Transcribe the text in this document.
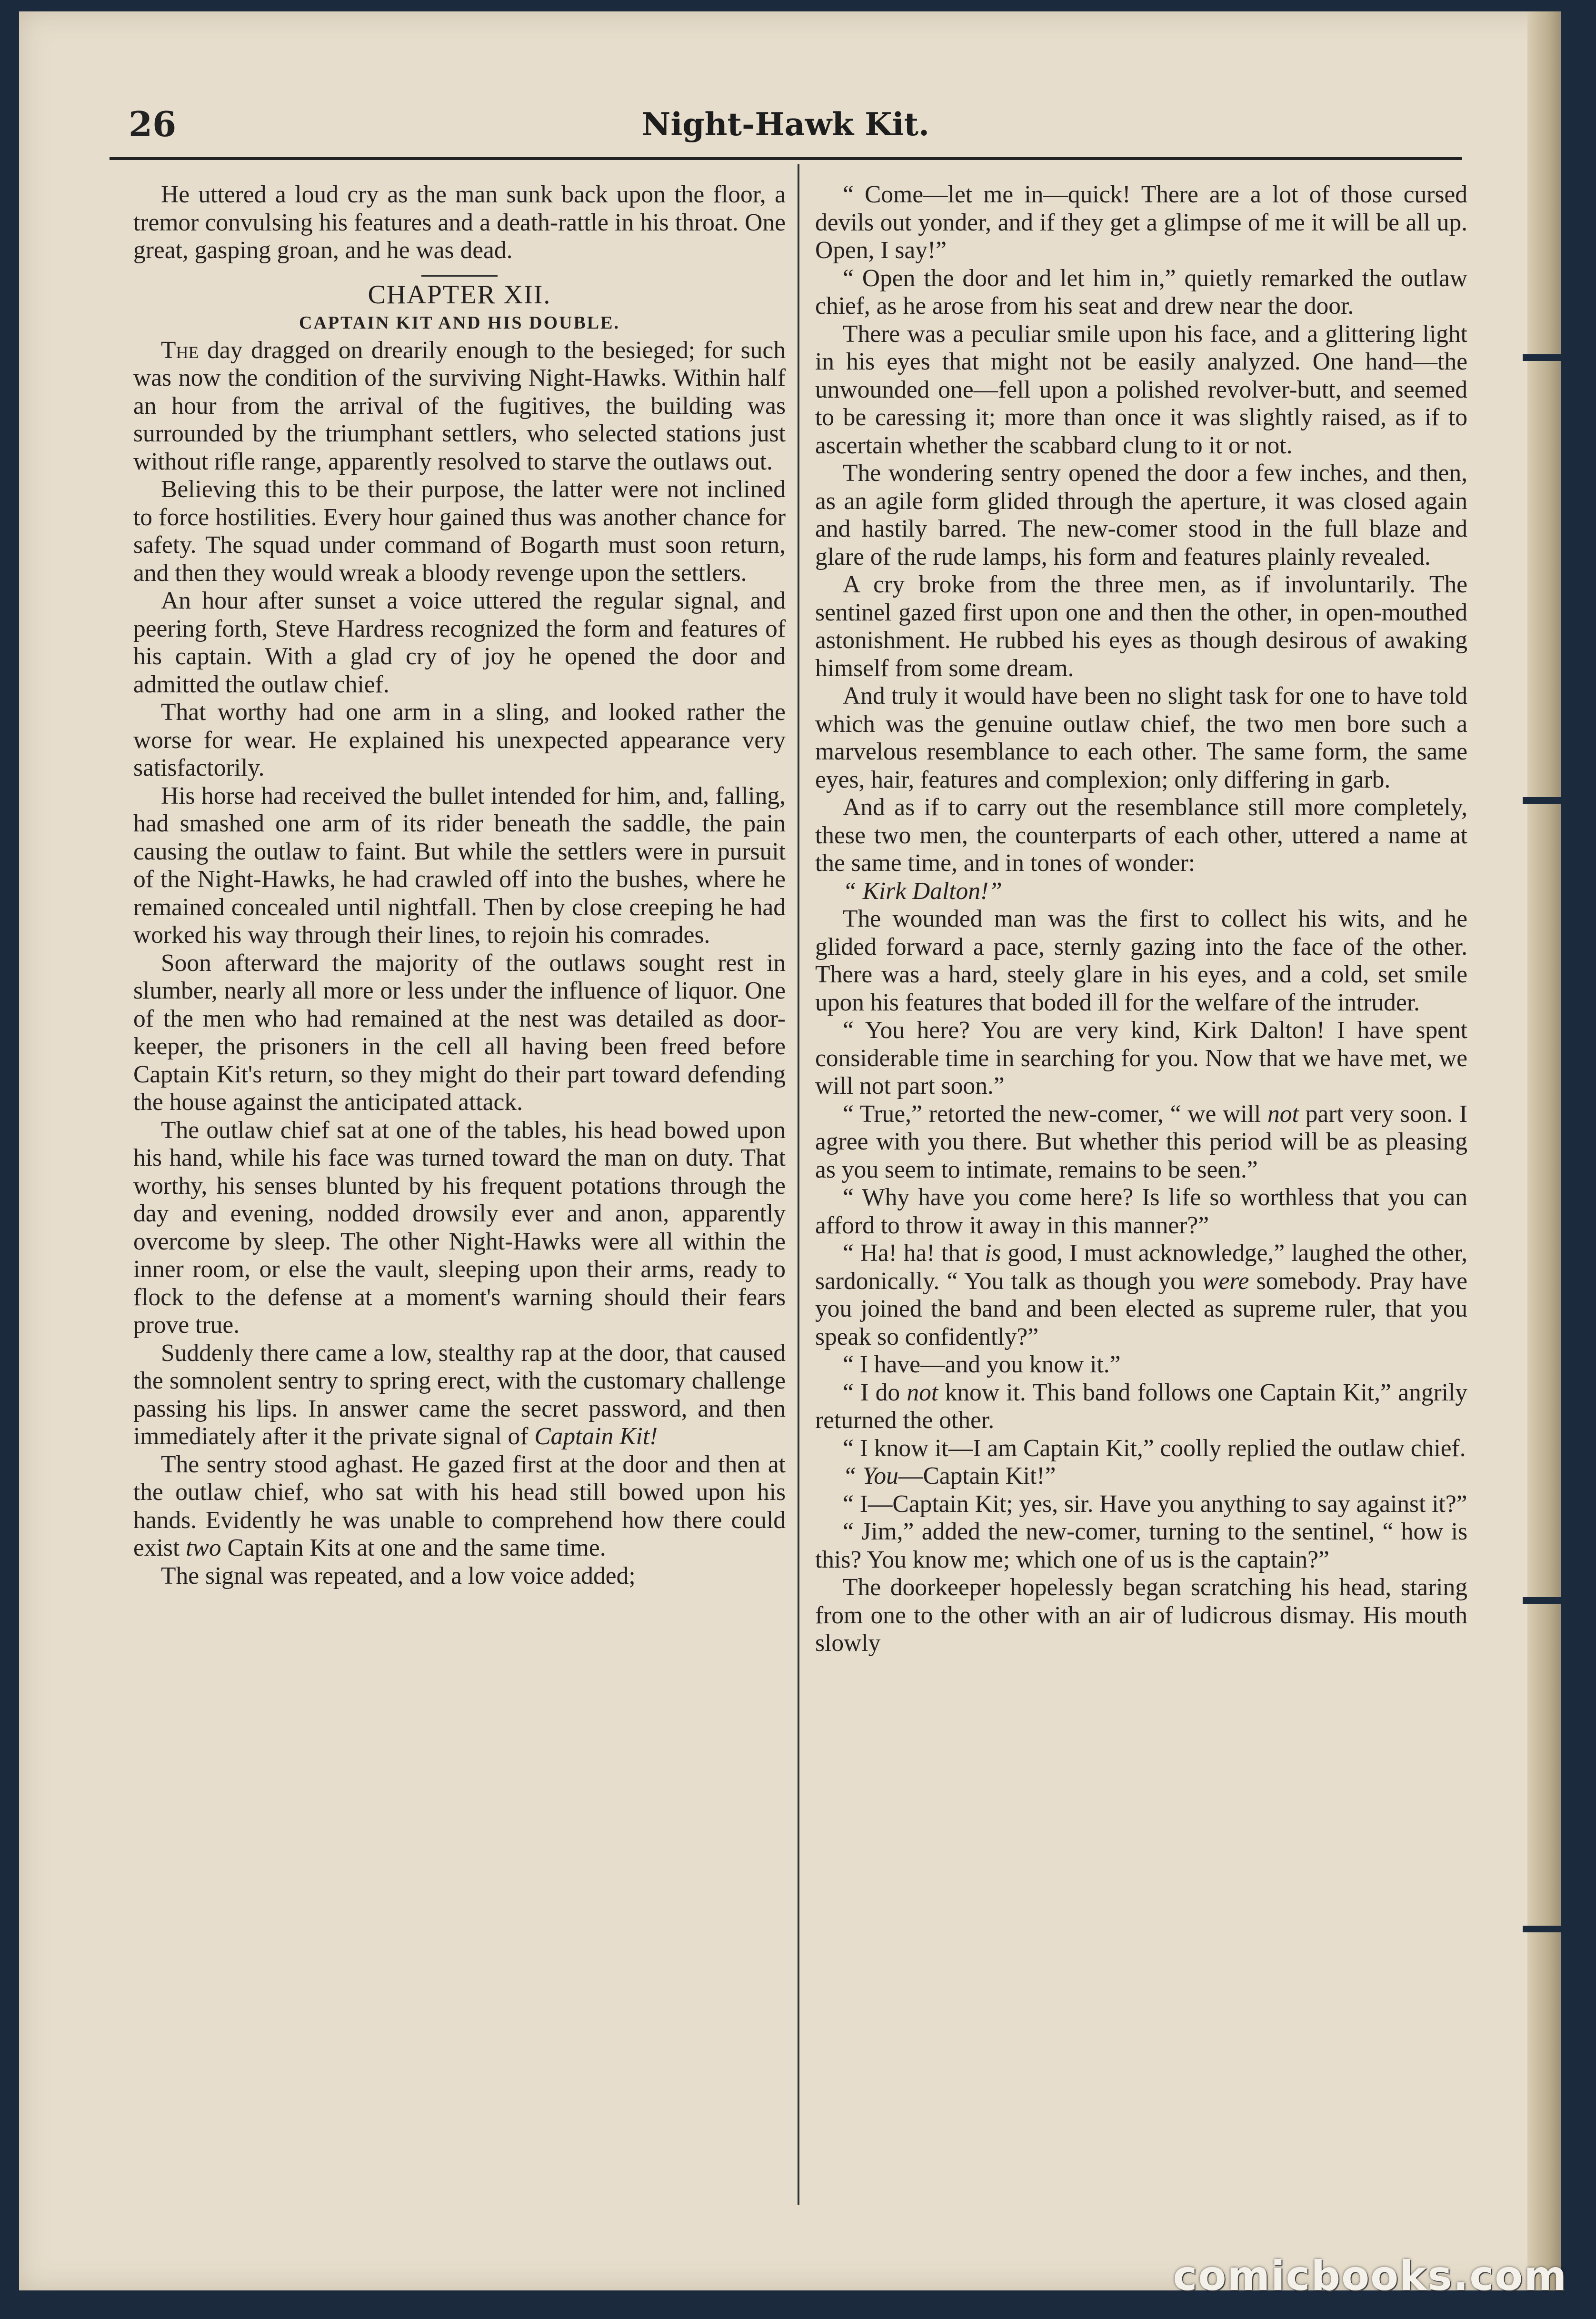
26	Night-Hawk Kit.

He uttered a loud cry as the man sunk back upon the floor, a tremor convulsing his features and a death-rattle in his throat. One great, gasping groan, and he was dead.

CHAPTER XII.

CAPTAIN KIT AND HIS DOUBLE.

The day dragged on drearily enough to the besieged; for such was now the condition of the surviving Night-Hawks. Within half an hour from the arrival of the fugitives, the building was surrounded by the triumphant settlers, who selected stations just without rifle range, apparently resolved to starve the outlaws out.

Believing this to be their purpose, the latter were not inclined to force hostilities. Every hour gained thus was another chance for safety. The squad under command of Bogarth must soon return, and then they would wreak a bloody revenge upon the settlers.

An hour after sunset a voice uttered the regular signal, and peering forth, Steve Hardress recognized the form and features of his captain. With a glad cry of joy he opened the door and admitted the outlaw chief.

That worthy had one arm in a sling, and looked rather the worse for wear. He explained his unexpected appearance very satisfactorily.

His horse had received the bullet intended for him, and, falling, had smashed one arm of its rider beneath the saddle, the pain causing the outlaw to faint. But while the settlers were in pursuit of the Night-Hawks, he had crawled off into the bushes, where he remained concealed until nightfall. Then by close creeping he had worked his way through their lines, to rejoin his comrades.

Soon afterward the majority of the outlaws sought rest in slumber, nearly all more or less under the influence of liquor. One of the men who had remained at the nest was detailed as door-keeper, the prisoners in the cell all having been freed before Captain Kit's return, so they might do their part toward defending the house against the anticipated attack.

The outlaw chief sat at one of the tables, his head bowed upon his hand, while his face was turned toward the man on duty. That worthy, his senses blunted by his frequent potations through the day and evening, nodded drowsily ever and anon, apparently overcome by sleep. The other Night-Hawks were all within the inner room, or else the vault, sleeping upon their arms, ready to flock to the defense at a moment's warning should their fears prove true.

Suddenly there came a low, stealthy rap at the door, that caused the somnolent sentry to spring erect, with the customary challenge passing his lips. In answer came the secret password, and then immediately after it the private signal of Captain Kit!

The sentry stood aghast. He gazed first at the door and then at the outlaw chief, who sat with his head still bowed upon his hands. Evidently he was unable to comprehend how there could exist two Captain Kits at one and the same time.

The signal was repeated, and a low voice added;

“ Come—let me in—quick! There are a lot of those cursed devils out yonder, and if they get a glimpse of me it will be all up. Open, I say!”

“ Open the door and let him in,” quietly remarked the outlaw chief, as he arose from his seat and drew near the door.

There was a peculiar smile upon his face, and a glittering light in his eyes that might not be easily analyzed. One hand—the unwounded one—fell upon a polished revolver-butt, and seemed to be caressing it; more than once it was slightly raised, as if to ascertain whether the scabbard clung to it or not.

The wondering sentry opened the door a few inches, and then, as an agile form glided through the aperture, it was closed again and hastily barred. The new-comer stood in the full blaze and glare of the rude lamps, his form and features plainly revealed.

A cry broke from the three men, as if involuntarily. The sentinel gazed first upon one and then the other, in open-mouthed astonishment. He rubbed his eyes as though desirous of awaking himself from some dream.

And truly it would have been no slight task for one to have told which was the genuine outlaw chief, the two men bore such a marvelous resemblance to each other. The same form, the same eyes, hair, features and complexion; only differing in garb.

And as if to carry out the resemblance still more completely, these two men, the counterparts of each other, uttered a name at the same time, and in tones of wonder:

“ Kirk Dalton!”

The wounded man was the first to collect his wits, and he glided forward a pace, sternly gazing into the face of the other. There was a hard, steely glare in his eyes, and a cold, set smile upon his features that boded ill for the welfare of the intruder.

“ You here? You are very kind, Kirk Dalton! I have spent considerable time in searching for you. Now that we have met, we will not part soon.”

“ True,” retorted the new-comer, “ we will not part very soon. I agree with you there. But whether this period will be as pleasing as you seem to intimate, remains to be seen.”

“ Why have you come here? Is life so worthless that you can afford to throw it away in this manner?”

“ Ha! ha! that is good, I must acknowledge,” laughed the other, sardonically. “ You talk as though you were somebody. Pray have you joined the band and been elected as supreme ruler, that you speak so confidently?”

“ I have—and you know it.”

“ I do not know it. This band follows one Captain Kit,” angrily returned the other.

“ I know it—I am Captain Kit,” coolly replied the outlaw chief.

“ You—Captain Kit!”

“ I—Captain Kit; yes, sir. Have you anything to say against it?”

“ Jim,” added the new-comer, turning to the sentinel, “ how is this? You know me; which one of us is the captain?”

The doorkeeper hopelessly began scratching his head, staring from one to the other with an air of ludicrous dismay. His mouth slowly

comicbooks.com
